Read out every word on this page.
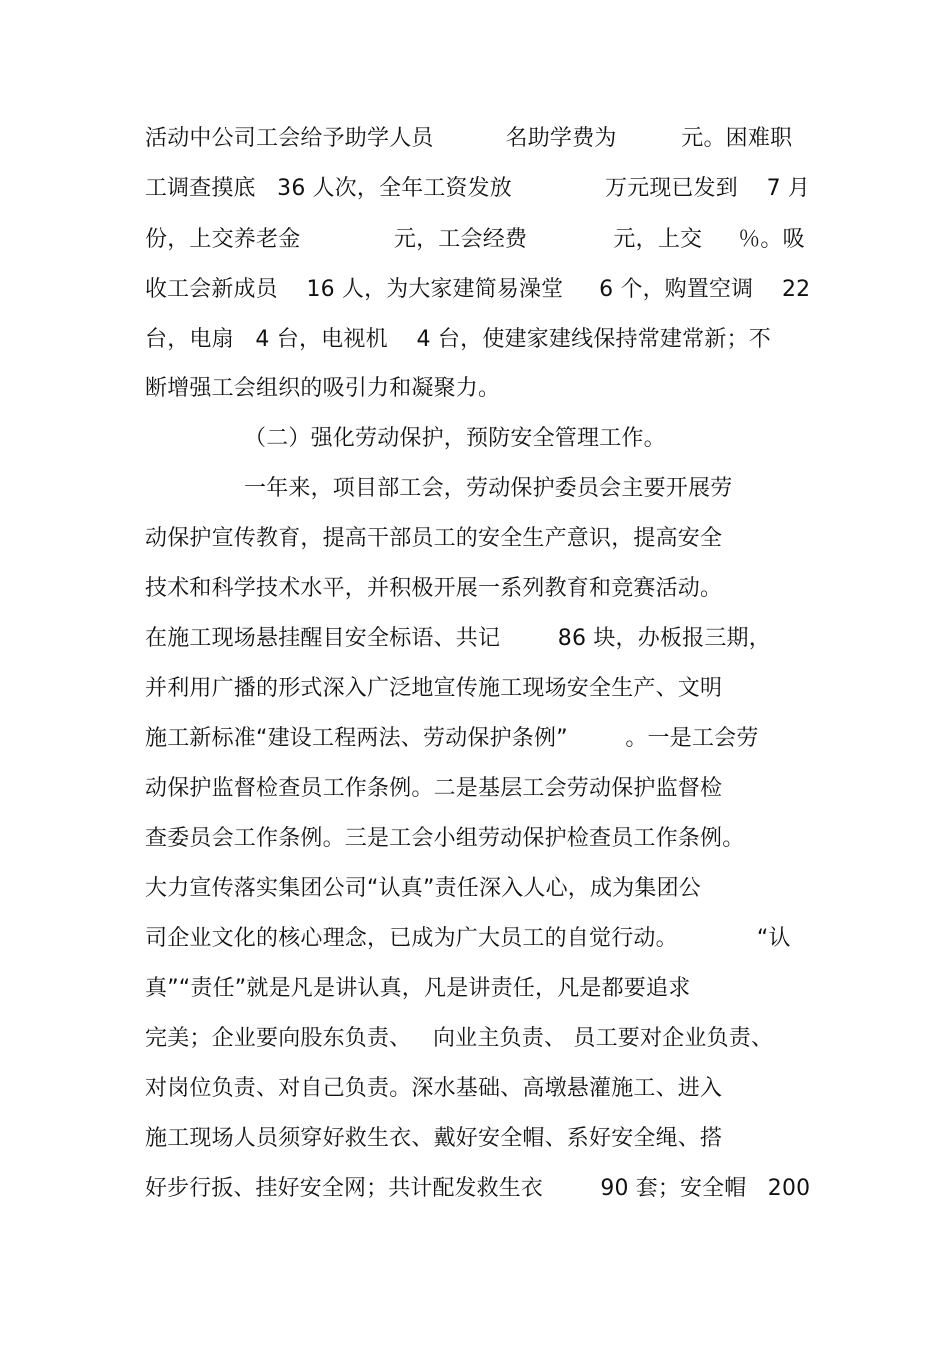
活动中公司工会给予助学人员          名助学费为         元。困难职

工调查摸底   36 人次，全年工资发放             万元现已发到    7 月

份，上交养老金             元，工会经费            元，上交     ％。吸

收工会新成员    16 人，为大家建简易澡堂     6 个，购置空调    22

台，电扇   4 台，电视机    4 台，使建家建线保持常建常新；不

断增强工会组织的吸引力和凝聚力。

（二）强化劳动保护，预防安全管理工作。

一年来，项目部工会，劳动保护委员会主要开展劳

动保护宣传教育，提高干部员工的安全生产意识，提高安全

技术和科学技术水平，并积极开展一系列教育和竞赛活动。

在施工现场悬挂醒目安全标语、共记        86 块，办板报三期，

并利用广播的形式深入广泛地宣传施工现场安全生产、文明

施工新标准“建设工程两法、劳动保护条例”        。一是工会劳

动保护监督检查员工作条例。二是基层工会劳动保护监督检

查委员会工作条例。三是工会小组劳动保护检查员工作条例。

大力宣传落实集团公司“认真”责任深入人心，成为集团公

司企业文化的核心理念，已成为广大员工的自觉行动。           “认

真”“责任”就是凡是讲认真，凡是讲责任，凡是都要追求

完美；企业要向股东负责、   向业主负责、 员工要对企业负责、

对岗位负责、对自己负责。深水基础、高墩悬灌施工、进入

施工现场人员须穿好救生衣、戴好安全帽、系好安全绳、搭

好步行扳、挂好安全网；共计配发救生衣        90 套；安全帽   200
